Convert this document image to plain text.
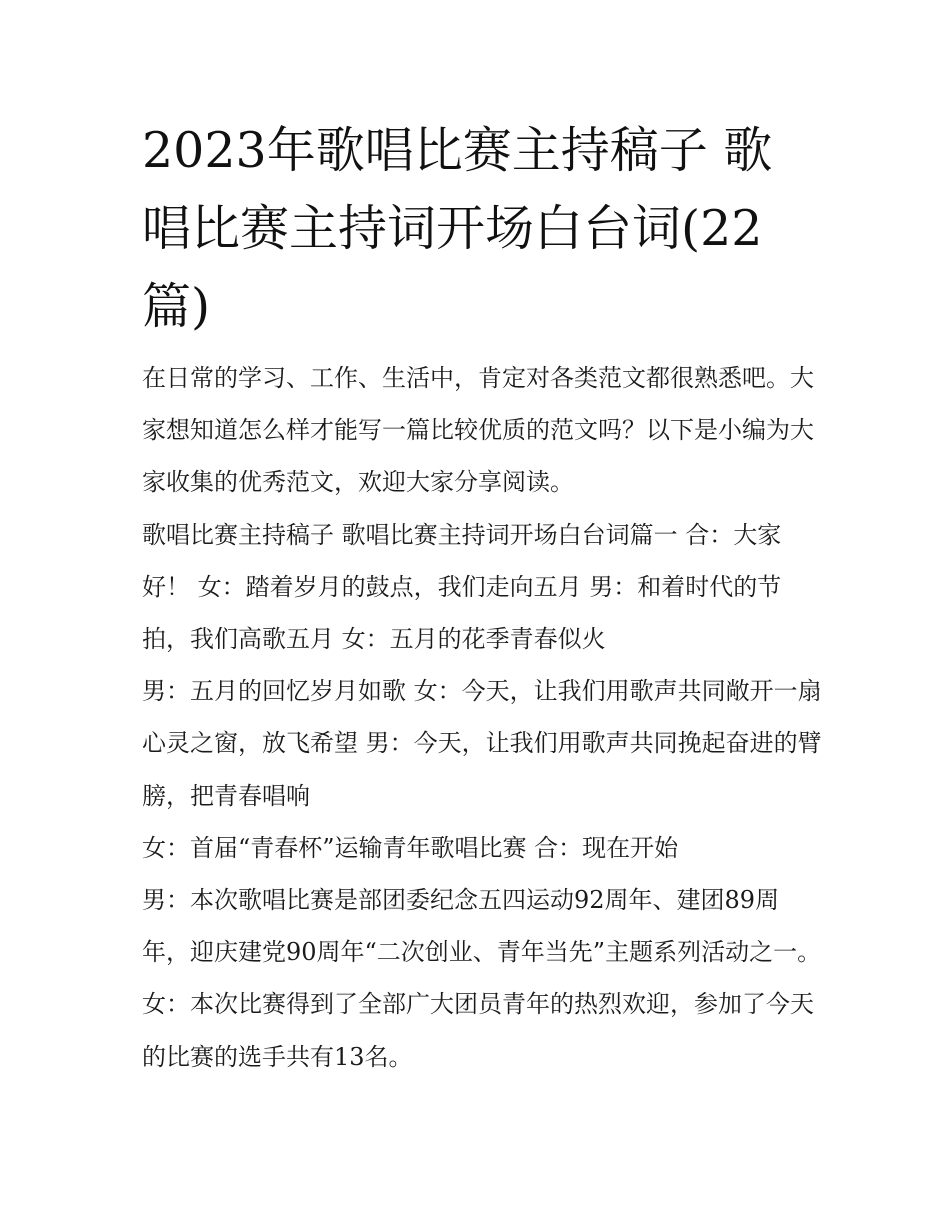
2023年歌唱比赛主持稿子 歌唱比赛主持词开场白台词(22篇)

在日常的学习、工作、生活中，肯定对各类范文都很熟悉吧。大家想知道怎么样才能写一篇比较优质的范文吗？以下是小编为大家收集的优秀范文，欢迎大家分享阅读。

歌唱比赛主持稿子 歌唱比赛主持词开场白台词篇一 合：大家好！ 女：踏着岁月的鼓点，我们走向五月 男：和着时代的节拍，我们高歌五月 女：五月的花季青春似火

男：五月的回忆岁月如歌 女：今天，让我们用歌声共同敞开一扇心灵之窗，放飞希望 男：今天，让我们用歌声共同挽起奋进的臂膀，把青春唱响

女：首届“青春杯”运输青年歌唱比赛 合：现在开始

男：本次歌唱比赛是部团委纪念五四运动92周年、建团89周年，迎庆建党90周年“二次创业、青年当先”主题系列活动之一。

女：本次比赛得到了全部广大团员青年的热烈欢迎，参加了今天的比赛的选手共有13名。
